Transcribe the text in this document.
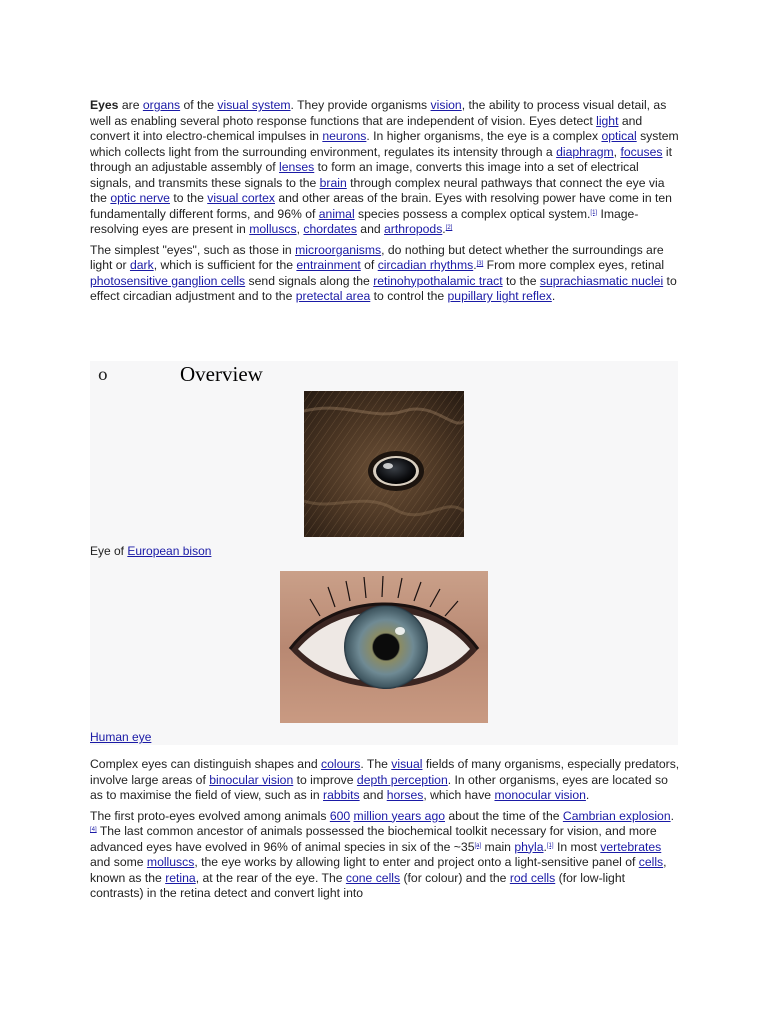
Eyes are organs of the visual system. They provide organisms vision, the ability to process visual detail, as well as enabling several photo response functions that are independent of vision. Eyes detect light and convert it into electro-chemical impulses in neurons. In higher organisms, the eye is a complex optical system which collects light from the surrounding environment, regulates its intensity through a diaphragm, focuses it through an adjustable assembly of lenses to form an image, converts this image into a set of electrical signals, and transmits these signals to the brain through complex neural pathways that connect the eye via the optic nerve to the visual cortex and other areas of the brain. Eyes with resolving power have come in ten fundamentally different forms, and 96% of animal species possess a complex optical system.[1] Image-resolving eyes are present in molluscs, chordates and arthropods.[2]

The simplest "eyes", such as those in microorganisms, do nothing but detect whether the surroundings are light or dark, which is sufficient for the entrainment of circadian rhythms.[3] From more complex eyes, retinal photosensitive ganglion cells send signals along the retinohypothalamic tract to the suprachiasmatic nuclei to effect circadian adjustment and to the pretectal area to control the pupillary light reflex.

o	Overview
Eye of European bison
Human eye

Complex eyes can distinguish shapes and colours. The visual fields of many organisms, especially predators, involve large areas of binocular vision to improve depth perception. In other organisms, eyes are located so as to maximise the field of view, such as in rabbits and horses, which have monocular vision.

The first proto-eyes evolved among animals 600 million years ago about the time of the Cambrian explosion.[4] The last common ancestor of animals possessed the biochemical toolkit necessary for vision, and more advanced eyes have evolved in 96% of animal species in six of the ~35[a] main phyla.[1] In most vertebrates and some molluscs, the eye works by allowing light to enter and project onto a light-sensitive panel of cells, known as the retina, at the rear of the eye. The cone cells (for colour) and the rod cells (for low-light contrasts) in the retina detect and convert light into
